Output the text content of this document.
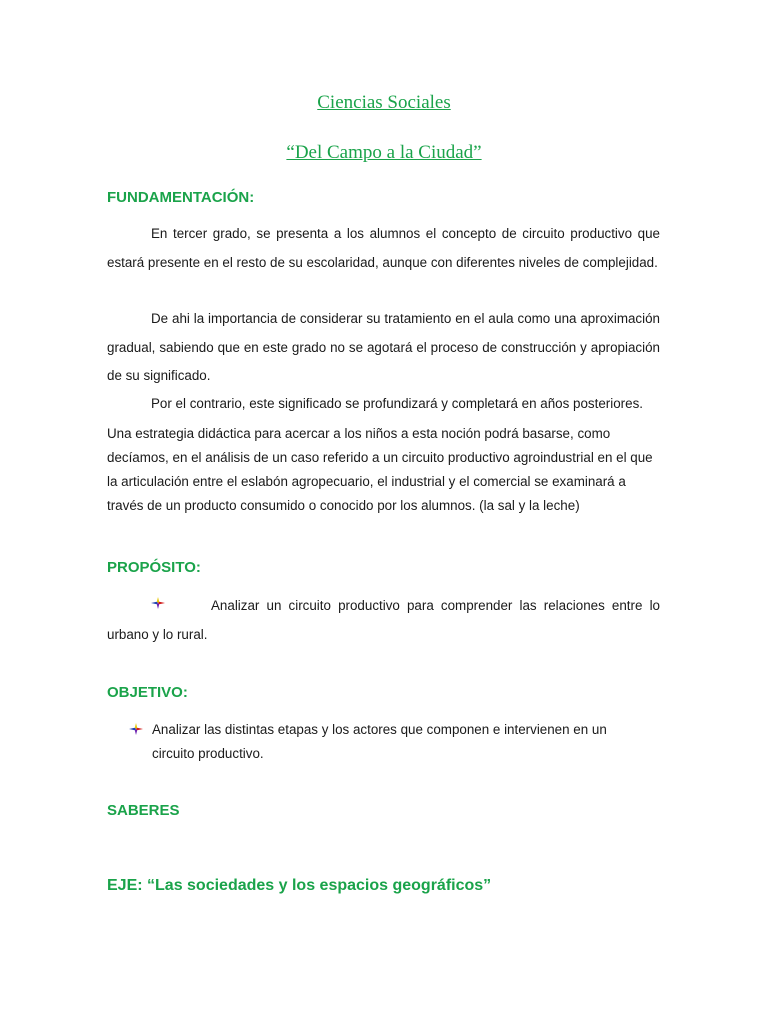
Ciencias Sociales
“Del Campo a la Ciudad”
FUNDAMENTACIÓN:

En tercer grado, se presenta a los alumnos el concepto de circuito productivo que estará presente en el resto de su escolaridad, aunque con diferentes niveles de complejidad.

De ahi la importancia de considerar su tratamiento en el aula como una aproximación gradual, sabiendo que en este grado no se agotará el proceso de construcción y apropiación de su significado.

Por el contrario, este significado se profundizará y completará en años posteriores.

Una estrategia didáctica para acercar a los niños a esta noción podrá basarse, como decíamos, en el análisis de un caso referido a un circuito productivo agroindustrial en el que la articulación entre el eslabón agropecuario, el industrial y el comercial se examinará a través de un producto consumido o conocido por los alumnos. (la sal y la leche)

PROPÓSITO:

Analizar un circuito productivo para comprender las relaciones entre lo urbano y lo rural.

OBJETIVO:

Analizar las distintas etapas y los actores que componen e intervienen en un circuito productivo.

SABERES
EJE: “Las sociedades y los espacios geográficos”
